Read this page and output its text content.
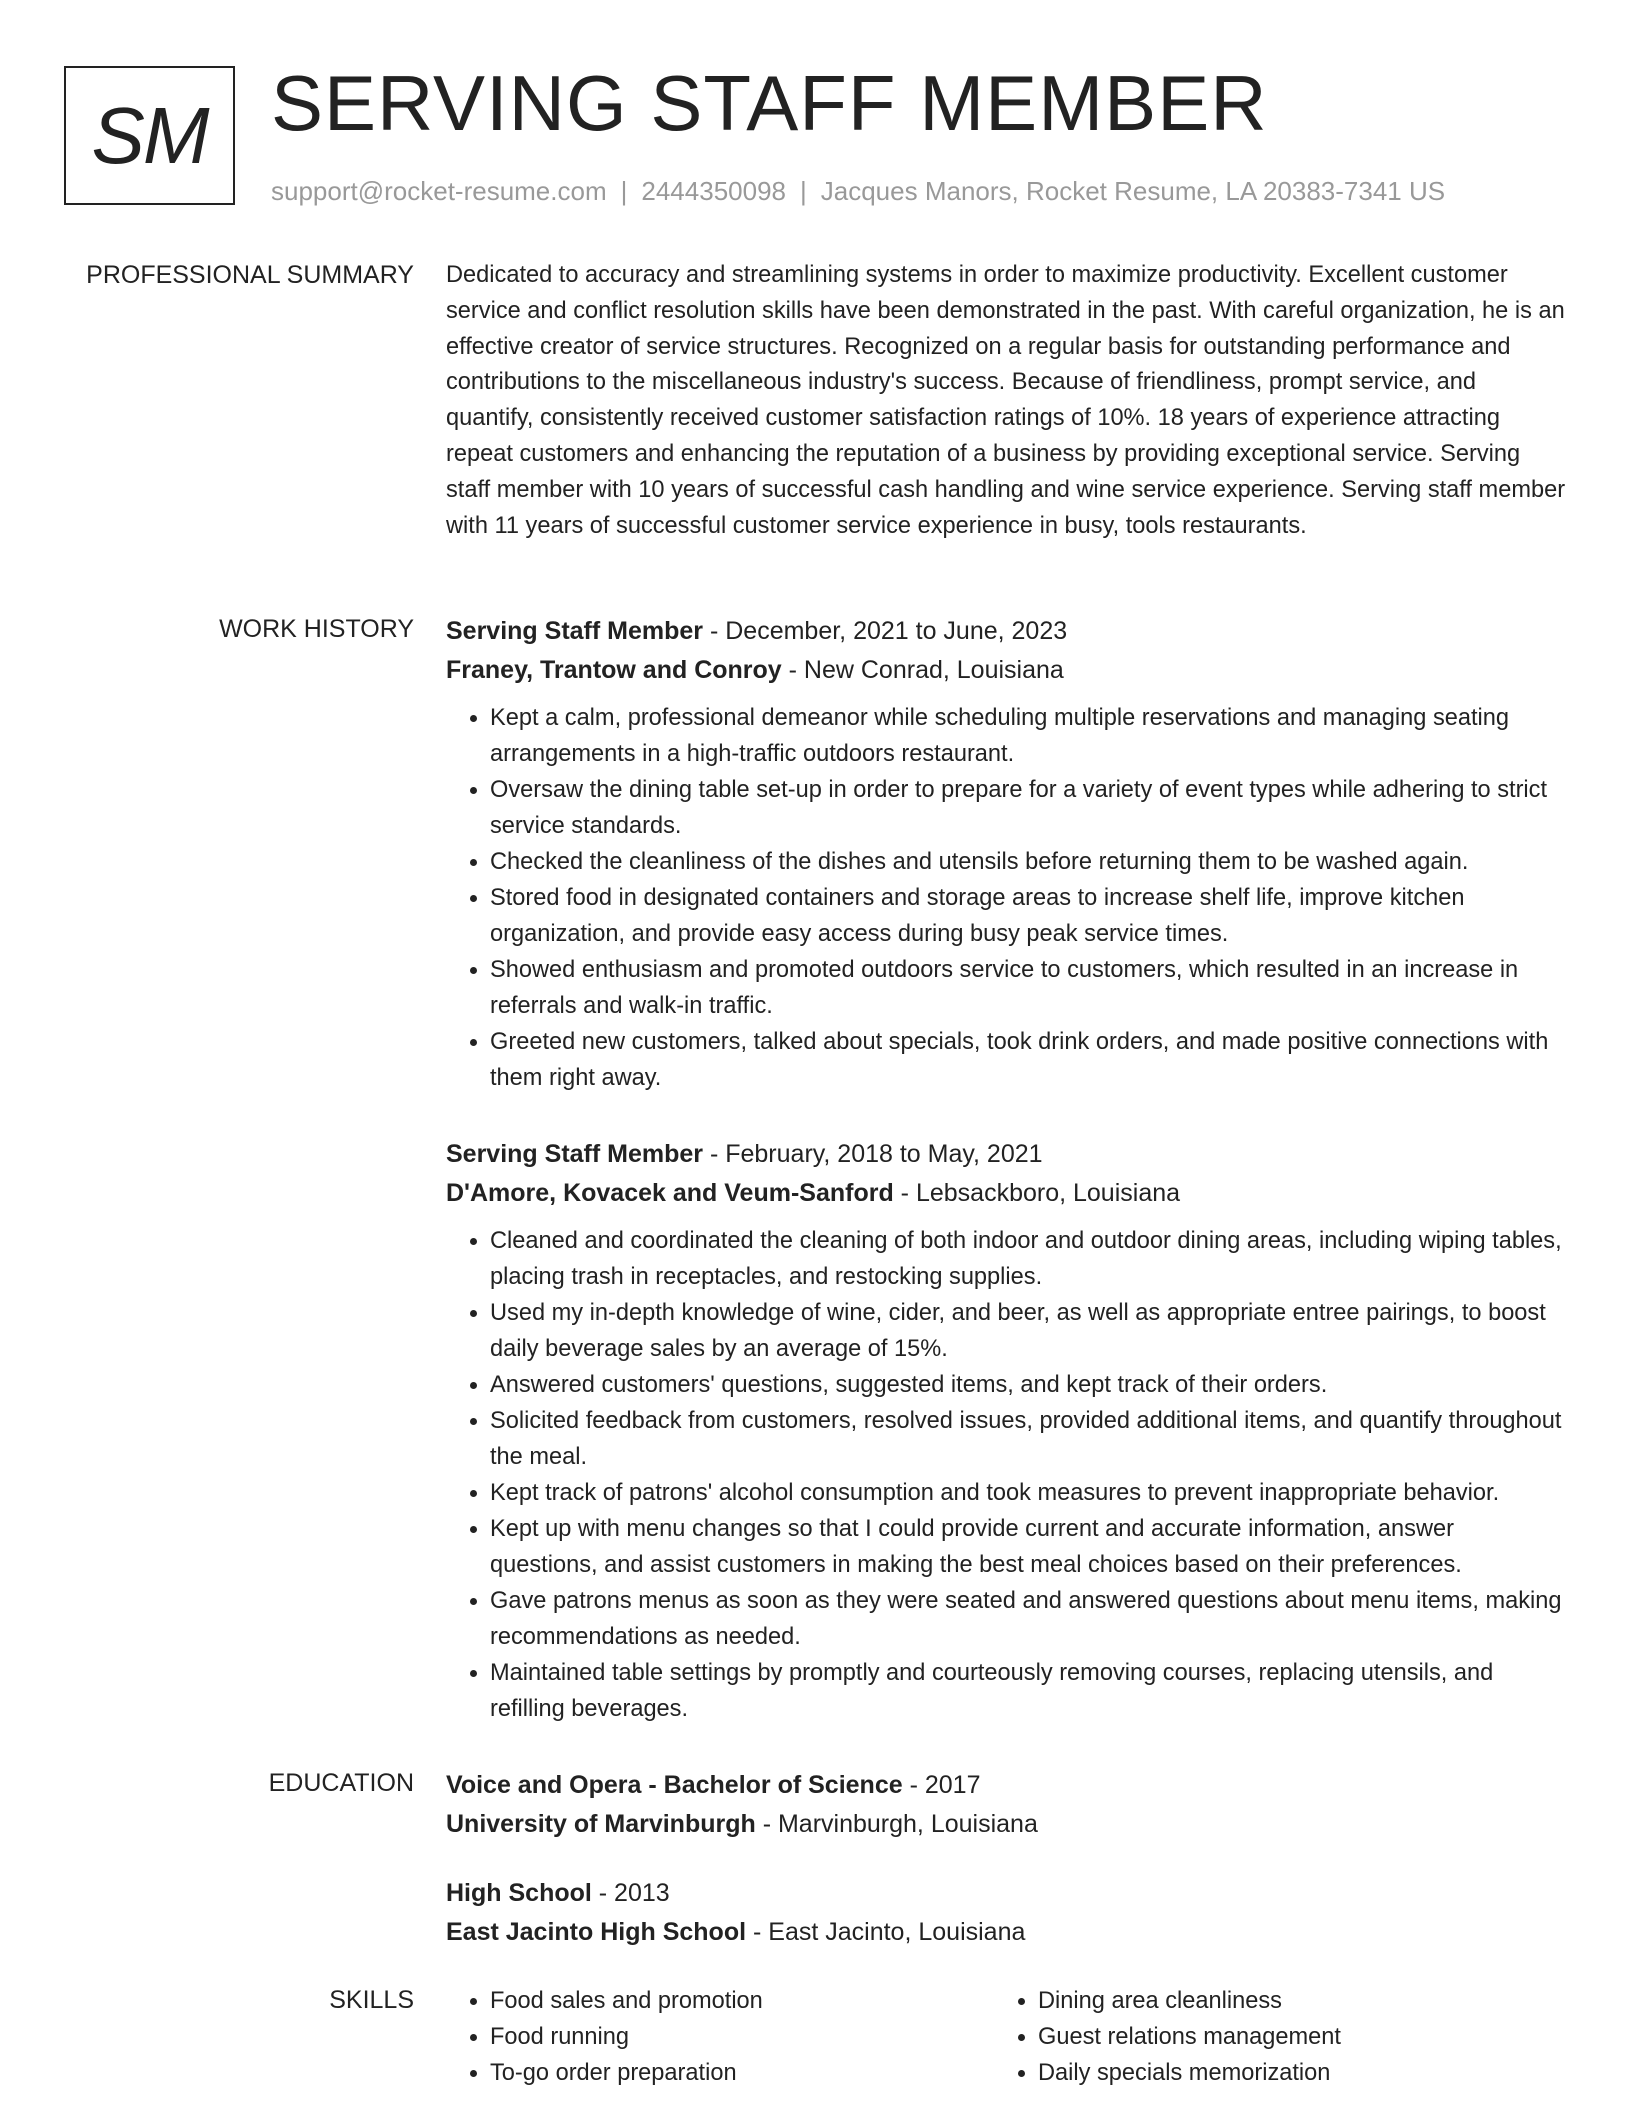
SM SERVING STAFF MEMBER
support@rocket-resume.com | 2444350098 | Jacques Manors, Rocket Resume, LA 20383-7341 US
PROFESSIONAL SUMMARY Dedicated to accuracy and streamlining systems in order to maximize productivity. Excellent customer service and conflict resolution skills have been demonstrated in the past. With careful organization, he is an effective creator of service structures. Recognized on a regular basis for outstanding performance and contributions to the miscellaneous industry's success. Because of friendliness, prompt service, and quantify, consistently received customer satisfaction ratings of 10%. 18 years of experience attracting repeat customers and enhancing the reputation of a business by providing exceptional service. Serving staff member with 10 years of successful cash handling and wine service experience. Serving staff member with 11 years of successful customer service experience in busy, tools restaurants.

WORK HISTORY Serving Staff Member - December, 2021 to June, 2023

Franey, Trantow and Conroy - New Conrad, Louisiana

• Kept a calm, professional demeanor while scheduling multiple reservations and managing seating arrangements in a high-traffic outdoors restaurant.
• Oversaw the dining table set-up in order to prepare for a variety of event types while adhering to strict service standards.
• Checked the cleanliness of the dishes and utensils before returning them to be washed again.
• Stored food in designated containers and storage areas to increase shelf life, improve kitchen organization, and provide easy access during busy peak service times.
• Showed enthusiasm and promoted outdoors service to customers, which resulted in an increase in referrals and walk-in traffic.
• Greeted new customers, talked about specials, took drink orders, and made positive connections with them right away.

Serving Staff Member - February, 2018 to May, 2021

D'Amore, Kovacek and Veum-Sanford - Lebsackboro, Louisiana

• Cleaned and coordinated the cleaning of both indoor and outdoor dining areas, including wiping tables, placing trash in receptacles, and restocking supplies.
• Used my in-depth knowledge of wine, cider, and beer, as well as appropriate entree pairings, to boost daily beverage sales by an average of 15%.
• Answered customers' questions, suggested items, and kept track of their orders.
• Solicited feedback from customers, resolved issues, provided additional items, and quantify throughout the meal.
• Kept track of patrons' alcohol consumption and took measures to prevent inappropriate behavior.
• Kept up with menu changes so that I could provide current and accurate information, answer questions, and assist customers in making the best meal choices based on their preferences.
• Gave patrons menus as soon as they were seated and answered questions about menu items, making recommendations as needed.
• Maintained table settings by promptly and courteously removing courses, replacing utensils, and refilling beverages.
EDUCATION Voice and Opera - Bachelor of Science - 2017

University of Marvinburgh - Marvinburgh, Louisiana

High School - 2013

East Jacinto High School - East Jacinto, Louisiana

SKILLS
•	Food sales and promotion
• Food running
• To-go order preparation
• Dining area cleanliness
• Guest relations management
• Daily specials memorization
